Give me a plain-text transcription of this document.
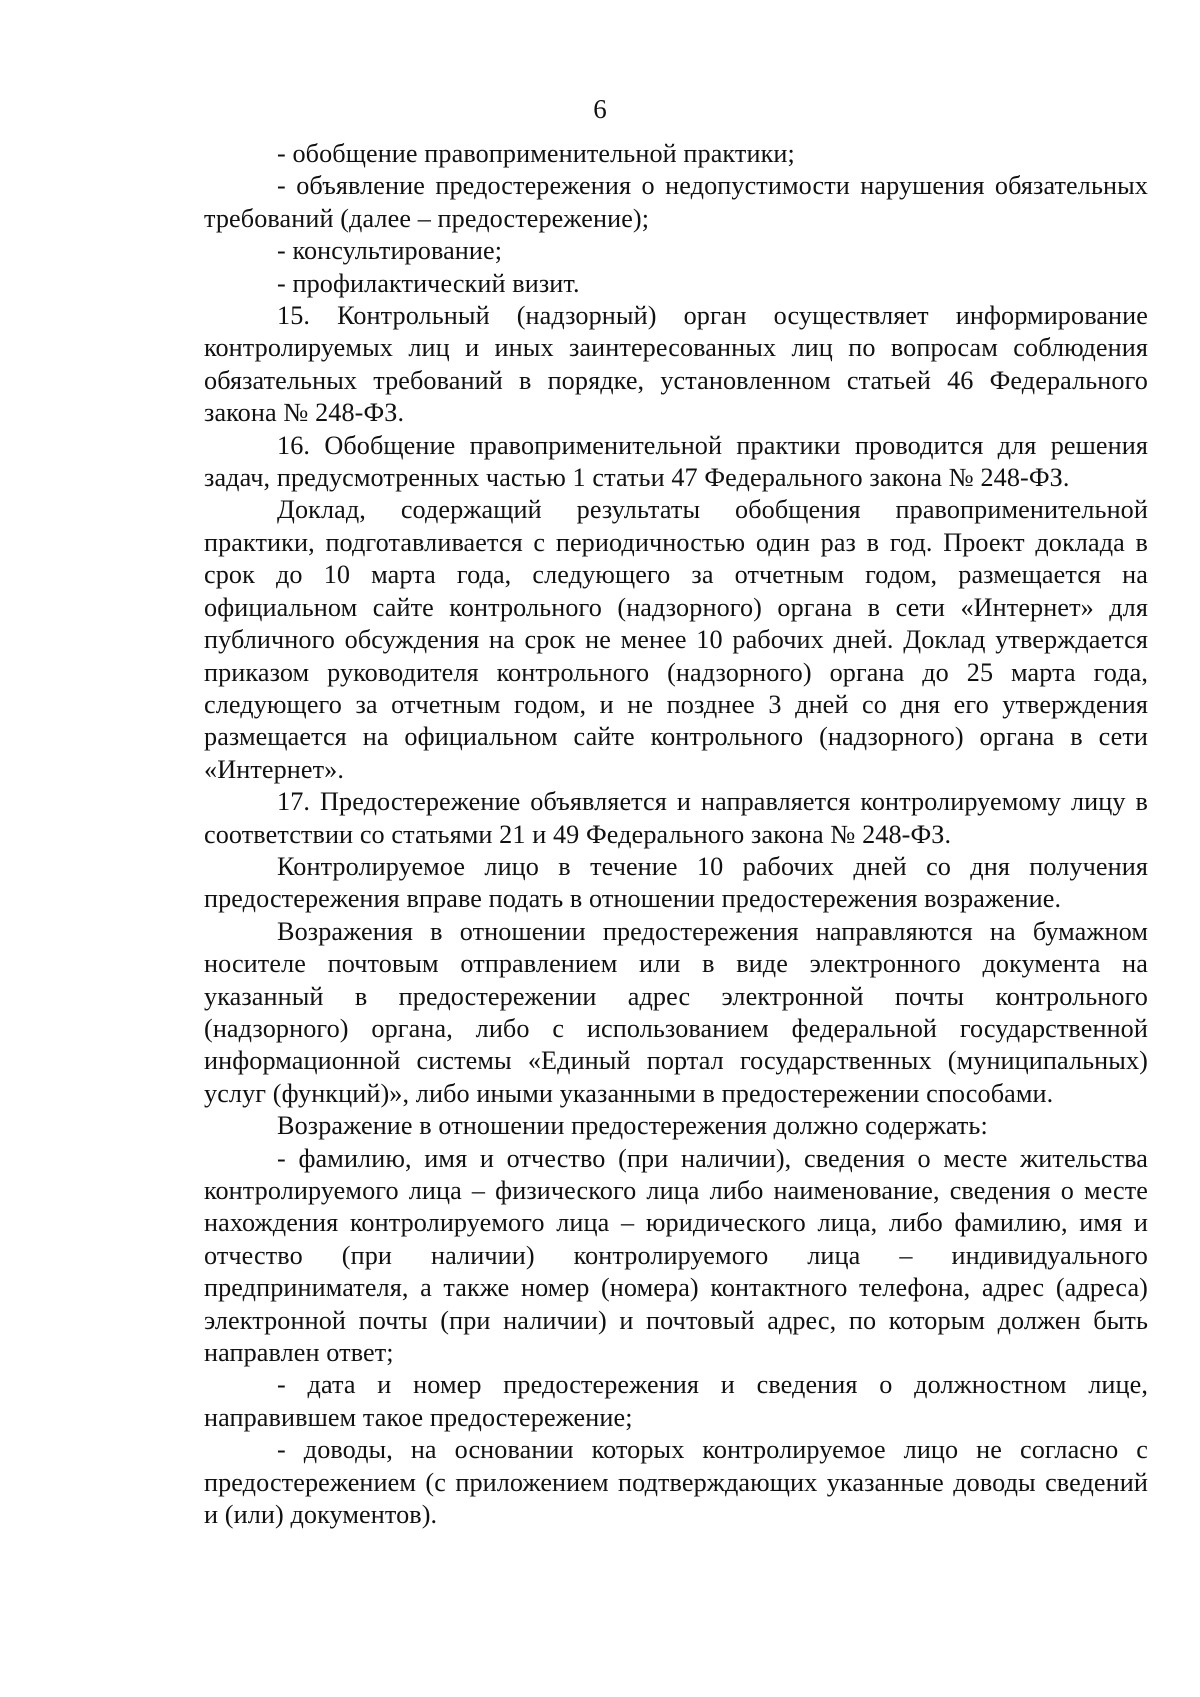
6

- обобщение правоприменительной практики;

- объявление предостережения о недопустимости нарушения обязательных требований (далее – предостережение);

- консультирование;

- профилактический визит.

15. Контрольный (надзорный) орган осуществляет информирование контролируемых лиц и иных заинтересованных лиц по вопросам соблюдения обязательных требований в порядке, установленном статьей 46 Федерального закона № 248-ФЗ.

16. Обобщение правоприменительной практики проводится для решения задач, предусмотренных частью 1 статьи 47 Федерального закона № 248-ФЗ.

Доклад, содержащий результаты обобщения правоприменительной практики, подготавливается с периодичностью один раз в год. Проект доклада в срок до 10 марта года, следующего за отчетным годом, размещается на официальном сайте контрольного (надзорного) органа в сети «Интернет» для публичного обсуждения на срок не менее 10 рабочих дней. Доклад утверждается приказом руководителя контрольного (надзорного) органа до 25 марта года, следующего за отчетным годом, и не позднее 3 дней со дня его утверждения размещается на официальном сайте контрольного (надзорного) органа в сети «Интернет».

17. Предостережение объявляется и направляется контролируемому лицу в соответствии со статьями 21 и 49 Федерального закона № 248-ФЗ.

Контролируемое лицо в течение 10 рабочих дней со дня получения предостережения вправе подать в отношении предостережения возражение.

Возражения в отношении предостережения направляются на бумажном носителе почтовым отправлением или в виде электронного документа на указанный в предостережении адрес электронной почты контрольного (надзорного) органа, либо с использованием федеральной государственной информационной системы «Единый портал государственных (муниципальных) услуг (функций)», либо иными указанными в предостережении способами.

Возражение в отношении предостережения должно содержать:

- фамилию, имя и отчество (при наличии), сведения о месте жительства контролируемого лица – физического лица либо наименование, сведения о месте нахождения контролируемого лица – юридического лица, либо фамилию, имя и отчество (при наличии) контролируемого лица – индивидуального предпринимателя, а также номер (номера) контактного телефона, адрес (адреса) электронной почты (при наличии) и почтовый адрес, по которым должен быть направлен ответ;

- дата и номер предостережения и сведения о должностном лице, направившем такое предостережение;

- доводы, на основании которых контролируемое лицо не согласно с предостережением (с приложением подтверждающих указанные доводы сведений и (или) документов).
